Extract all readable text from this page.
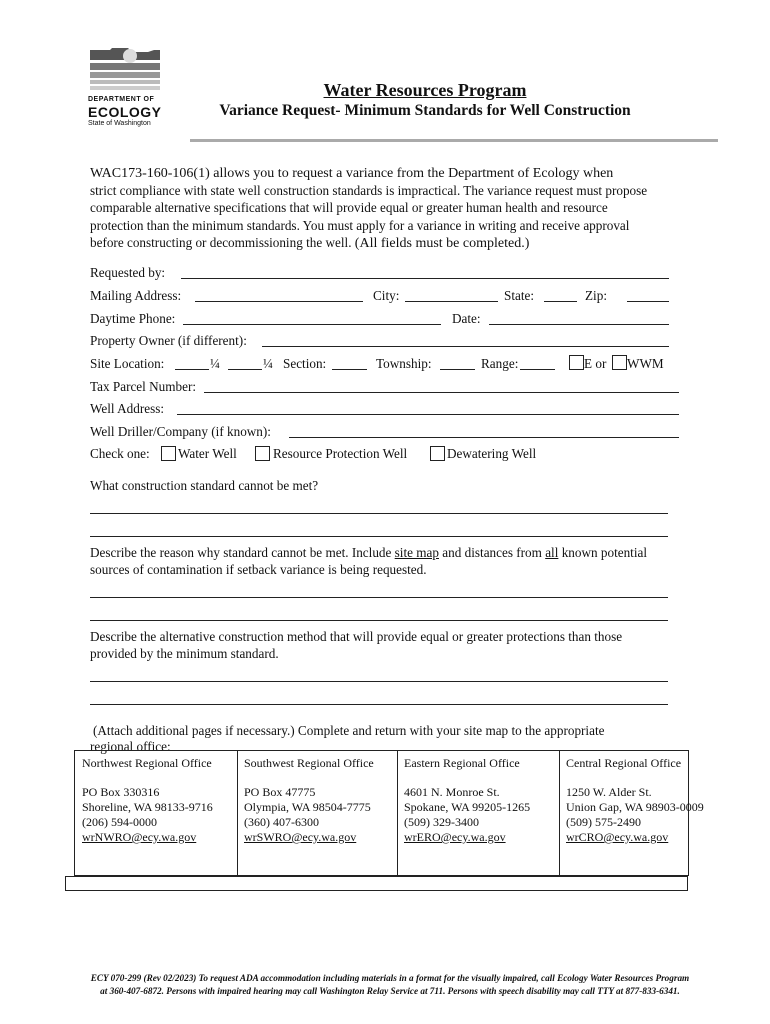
DEPARTMENT OF
ECOLOGY
State of Washington
Water Resources Program
Variance Request- Minimum Standards for Well Construction
WAC173-160-106(1) allows you to request a variance from the Department of Ecology when
strict compliance with state well construction standards is impractical. The variance request must propose
comparable alternative specifications that will provide equal or greater human health and resource
protection than the minimum standards. You must apply for a variance in writing and receive approval
before constructing or decommissioning the well. (All fields must be completed.)
Requested by:
Mailing Address:	City:	State:	Zip:
Daytime Phone:	Date:
Property Owner (if different):
Site Location:	¼	¼ Section:	Township:	Range:	E or WWM
Tax Parcel Number:
Well Address:
Well Driller/Company (if known):
Check one: Water Well	Resource Protection Well	Dewatering Well
What construction standard cannot be met?
Describe the reason why standard cannot be met. Include site map and distances from all known potential
sources of contamination if setback variance is being requested.
Describe the alternative construction method that will provide equal or greater protections than those
provided by the minimum standard.
(Attach additional pages if necessary.) Complete and return with your site map to the appropriate
regional office:
Northwest Regional Office
PO Box 330316
Shoreline, WA 98133-9716
(206) 594-0000
wrNWRO@ecy.wa.gov
Southwest Regional Office
PO Box 47775
Olympia, WA 98504-7775
(360) 407-6300
wrSWRO@ecy.wa.gov
Eastern Regional Office
4601 N. Monroe St.
Spokane, WA 99205-1265
(509) 329-3400
wrERO@ecy.wa.gov
Central Regional Office
1250 W. Alder St.
Union Gap, WA 98903-0009
(509) 575-2490
wrCRO@ecy.wa.gov
ECY 070-299 (Rev 02/2023) To request ADA accommodation including materials in a format for the visually impaired, call Ecology Water Resources Program
at 360-407-6872. Persons with impaired hearing may call Washington Relay Service at 711. Persons with speech disability may call TTY at 877-833-6341.
